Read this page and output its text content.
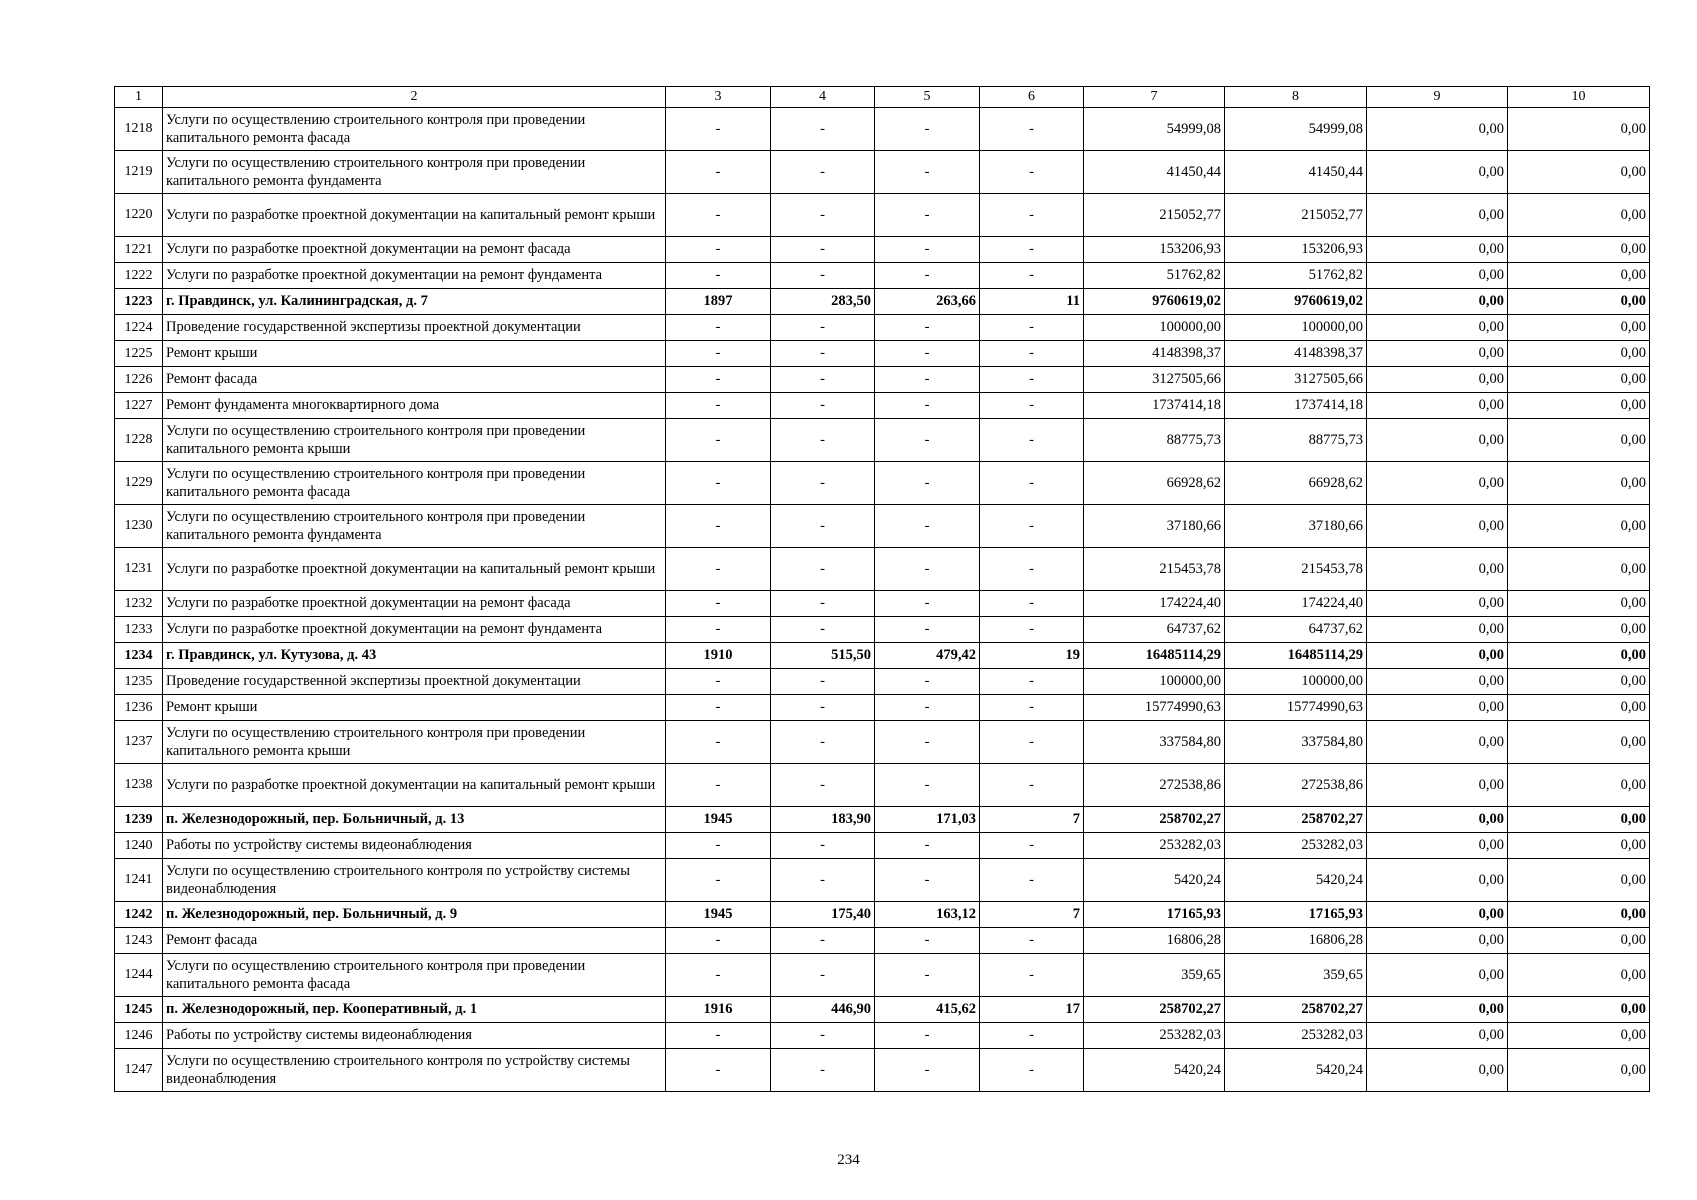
1	2	3	4	5	6	7	8	9	10
1218	Услуги по осуществлению строительного контроля при проведении капитального ремонта фасада	-	-	-	-	54999,08	54999,08	0,00	0,00
1219	Услуги по осуществлению строительного контроля при проведении капитального ремонта фундамента	-	-	-	-	41450,44	41450,44	0,00	0,00
1220	Услуги по разработке проектной документации на капитальный ремонт крыши	-	-	-	-	215052,77	215052,77	0,00	0,00
1221	Услуги по разработке проектной документации на ремонт фасада	-	-	-	-	153206,93	153206,93	0,00	0,00
1222	Услуги по разработке проектной документации на ремонт фундамента	-	-	-	-	51762,82	51762,82	0,00	0,00
1223	г. Правдинск, ул. Калининградская, д. 7	1897	283,50	263,66	11	9760619,02	9760619,02	0,00	0,00
1224	Проведение государственной экспертизы проектной документации	-	-	-	-	100000,00	100000,00	0,00	0,00
1225	Ремонт крыши	-	-	-	-	4148398,37	4148398,37	0,00	0,00
1226	Ремонт фасада	-	-	-	-	3127505,66	3127505,66	0,00	0,00
1227	Ремонт фундамента многоквартирного дома	-	-	-	-	1737414,18	1737414,18	0,00	0,00
1228	Услуги по осуществлению строительного контроля при проведении капитального ремонта крыши	-	-	-	-	88775,73	88775,73	0,00	0,00
1229	Услуги по осуществлению строительного контроля при проведении капитального ремонта фасада	-	-	-	-	66928,62	66928,62	0,00	0,00
1230	Услуги по осуществлению строительного контроля при проведении капитального ремонта фундамента	-	-	-	-	37180,66	37180,66	0,00	0,00
1231	Услуги по разработке проектной документации на капитальный ремонт крыши	-	-	-	-	215453,78	215453,78	0,00	0,00
1232	Услуги по разработке проектной документации на ремонт фасада	-	-	-	-	174224,40	174224,40	0,00	0,00
1233	Услуги по разработке проектной документации на ремонт фундамента	-	-	-	-	64737,62	64737,62	0,00	0,00
1234	г. Правдинск, ул. Кутузова, д. 43	1910	515,50	479,42	19	16485114,29	16485114,29	0,00	0,00
1235	Проведение государственной экспертизы проектной документации	-	-	-	-	100000,00	100000,00	0,00	0,00
1236	Ремонт крыши	-	-	-	-	15774990,63	15774990,63	0,00	0,00
1237	Услуги по осуществлению строительного контроля при проведении капитального ремонта крыши	-	-	-	-	337584,80	337584,80	0,00	0,00
1238	Услуги по разработке проектной документации на капитальный ремонт крыши	-	-	-	-	272538,86	272538,86	0,00	0,00
1239	п. Железнодорожный, пер. Больничный, д. 13	1945	183,90	171,03	7	258702,27	258702,27	0,00	0,00
1240	Работы по устройству системы видеонаблюдения	-	-	-	-	253282,03	253282,03	0,00	0,00
1241	Услуги по осуществлению строительного контроля по устройству системы видеонаблюдения	-	-	-	-	5420,24	5420,24	0,00	0,00
1242	п. Железнодорожный, пер. Больничный, д. 9	1945	175,40	163,12	7	17165,93	17165,93	0,00	0,00
1243	Ремонт фасада	-	-	-	-	16806,28	16806,28	0,00	0,00
1244	Услуги по осуществлению строительного контроля при проведении капитального ремонта фасада	-	-	-	-	359,65	359,65	0,00	0,00
1245	п. Железнодорожный, пер. Кооперативный, д. 1	1916	446,90	415,62	17	258702,27	258702,27	0,00	0,00
1246	Работы по устройству системы видеонаблюдения	-	-	-	-	253282,03	253282,03	0,00	0,00
1247	Услуги по осуществлению строительного контроля по устройству системы видеонаблюдения	-	-	-	-	5420,24	5420,24	0,00	0,00
234
